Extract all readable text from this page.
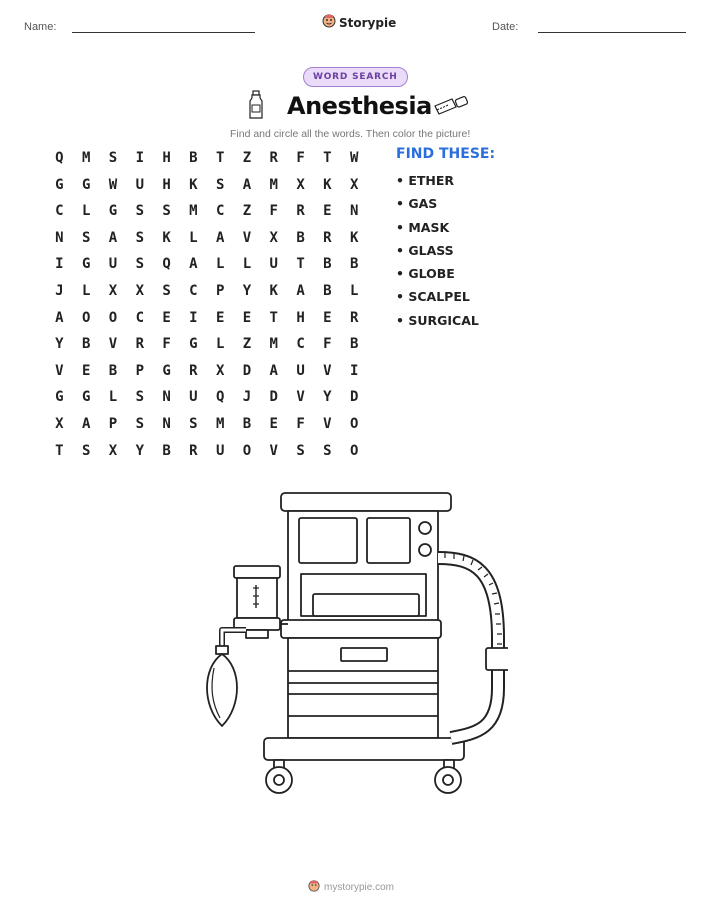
Name:	Storypie	Date:
WORD SEARCH
Anesthesia
Find and circle all the words. Then color the picture!
Q	M	S	I	H	B	T	Z	R	F	T	W
G	G	W	U	H	K	S	A	M	X	K	X
C	L	G	S	S	M	C	Z	F	R	E	N
N	S	A	S	K	L	A	V	X	B	R	K
I	G	U	S	Q	A	L	L	U	T	B	B
J	L	X	X	S	C	P	Y	K	A	B	L
A	O	O	C	E	I	E	E	T	H	E	R
Y	B	V	R	F	G	L	Z	M	C	F	B
V	E	B	P	G	R	X	D	A	U	V	I
G	G	L	S	N	U	Q	J	D	V	Y	D
X	A	P	S	N	S	M	B	E	F	V	O
T	S	X	Y	B	R	U	O	V	S	S	O
FIND THESE:
• ETHER
• GAS
• MASK
• GLASS
• GLOBE
• SCALPEL
• SURGICAL
mystorypie.com
